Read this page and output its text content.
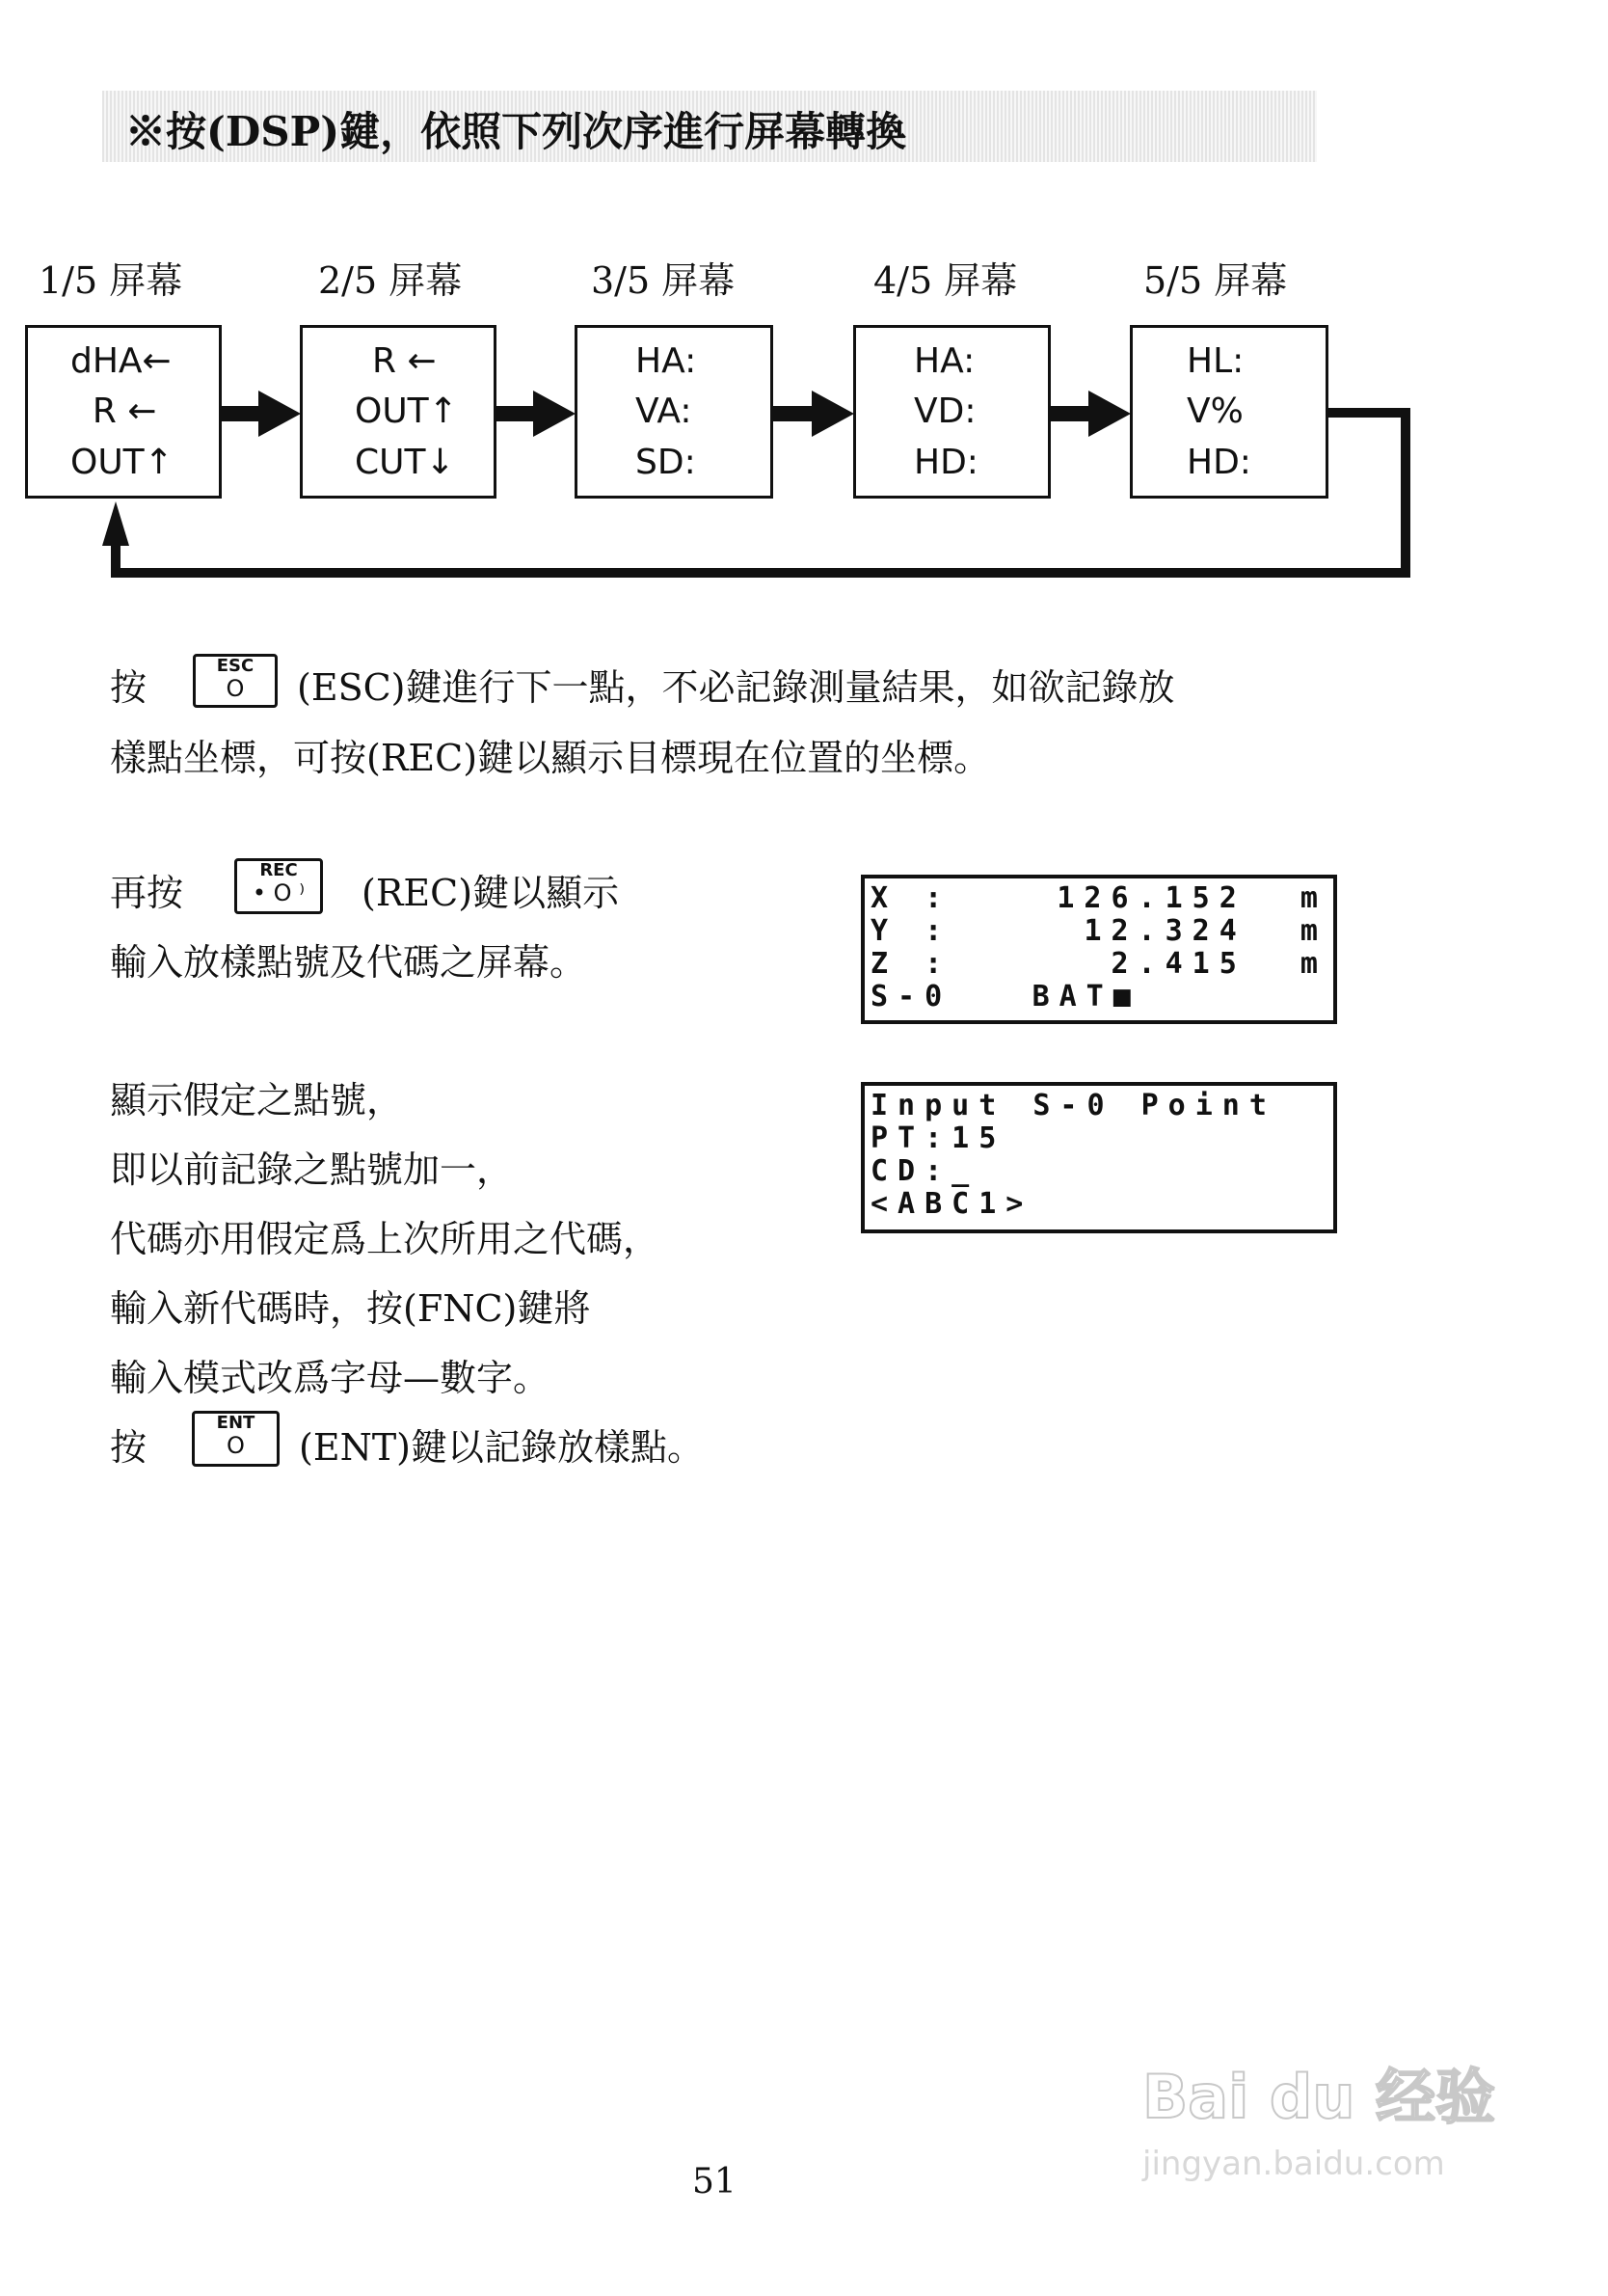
※按(DSP)鍵，依照下列次序進行屏幕轉換
1/5 屏幕	2/5 屏幕	3/5 屏幕	4/5 屏幕	5/5 屏幕
dHA←
R ←
OUT↑
R ←
OUT↑
CUT↓
HA:
VA:
SD:
HA:
VD:
HD:
HL:
V%
HD:
按
ESC
O	(ESC)鍵進行下一點，不必記錄測量結果，如欲記錄放
樣點坐標，可按(REC)鍵以顯示目標現在位置的坐標。
再按
REC
• O ⁾	(REC)鍵以顯示
輸入放樣點號及代碼之屏幕。
X :	126.152  m
Y :	12.324  m
Z :	2.415  m
S-0	BAT■
Input S-0 Point
PT:15
CD:_
<ABC1>
顯示假定之點號，
即以前記錄之點號加一，
代碼亦用假定爲上次所用之代碼，
輸入新代碼時，按(FNC)鍵將
輸入模式改爲字母—數字。
按
ENT
O	(ENT)鍵以記錄放樣點。
51
Bai du 经验
jingyan.baidu.com
